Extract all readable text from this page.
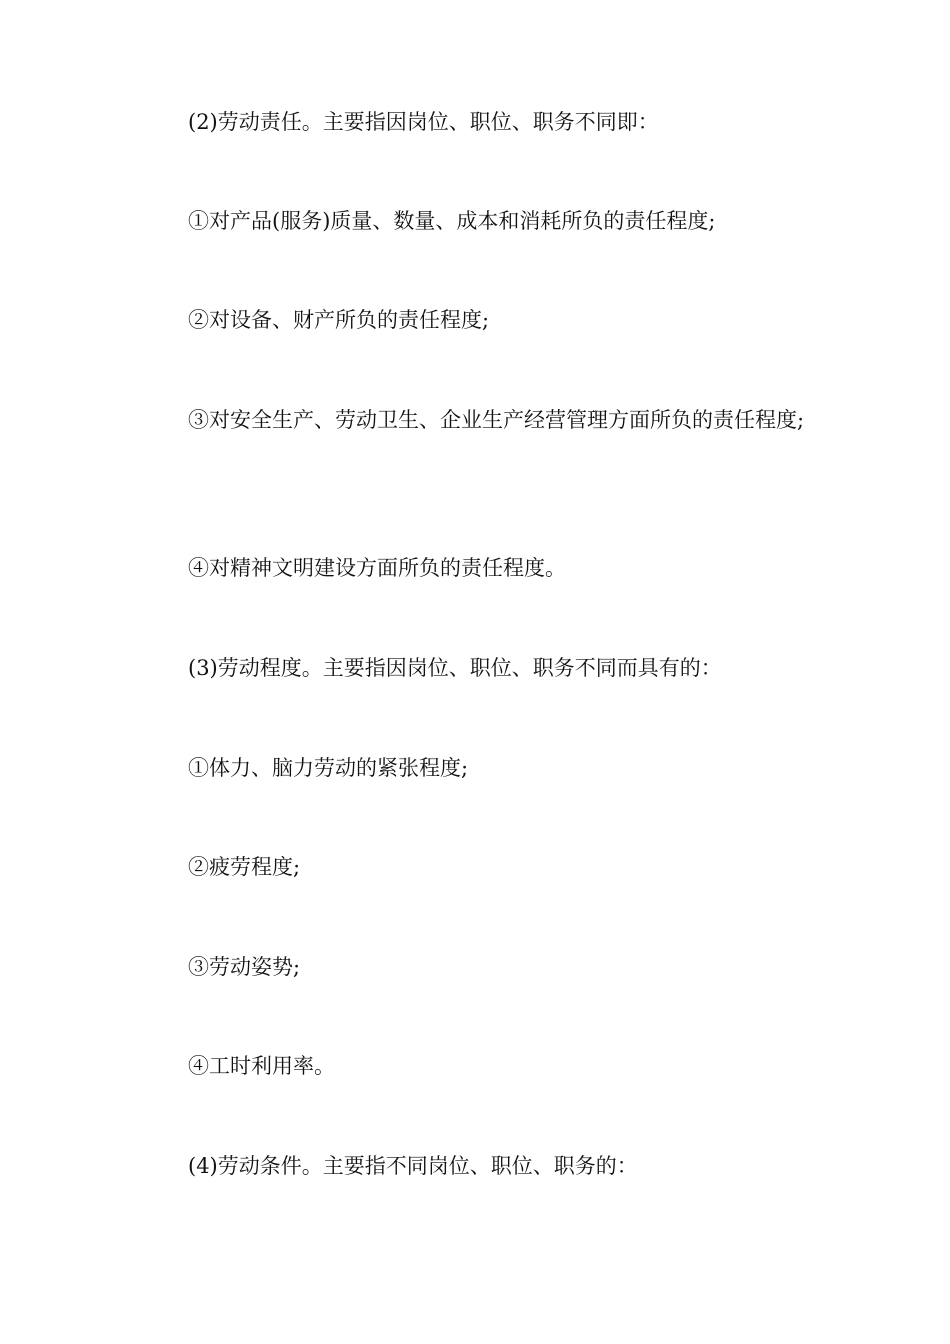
(2)劳动责任。主要指因岗位、职位、职务不同即：

①对产品(服务)质量、数量、成本和消耗所负的责任程度;

②对设备、财产所负的责任程度;

③对安全生产、劳动卫生、企业生产经营管理方面所负的责任程度;

④对精神文明建设方面所负的责任程度。

(3)劳动程度。主要指因岗位、职位、职务不同而具有的：

①体力、脑力劳动的紧张程度;

②疲劳程度;

③劳动姿势;

④工时利用率。

(4)劳动条件。主要指不同岗位、职位、职务的：
